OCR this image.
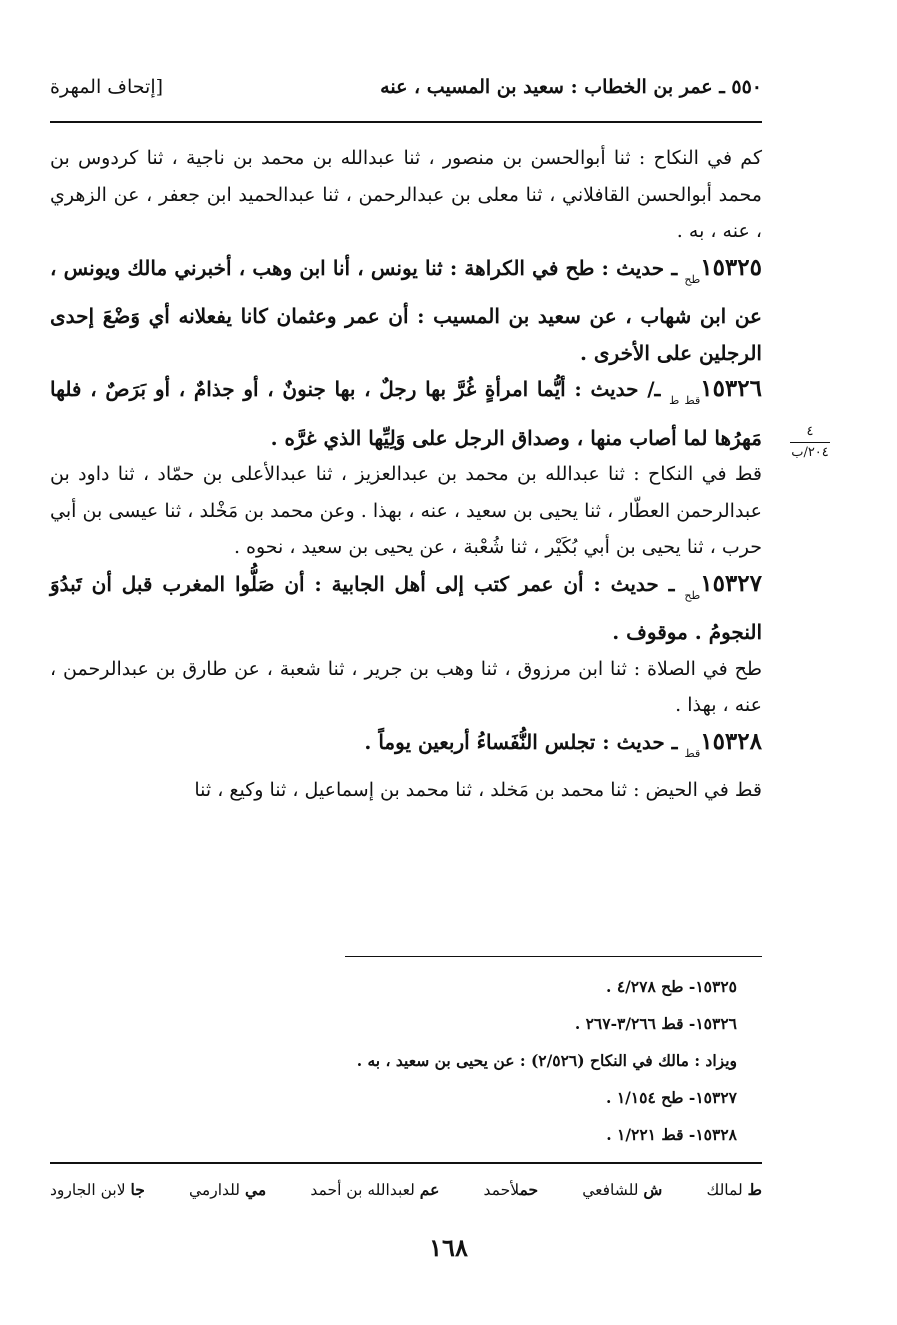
٥٥٠ ـ عمر بن الخطاب : سعيد بن المسيب ، عنه
[إتحاف المهرة
٤
٢٠٤/ب

كم في النكاح : ثنا أبوالحسن بن منصور ، ثنا عبدالله بن محمد بن ناجية ، ثنا كردوس بن محمد أبوالحسن القافلاني ، ثنا معلى بن عبدالرحمن ، ثنا عبدالحميد ابن جعفر ، عن الزهري ، عنه ، به .

$١٥٣٢٥_{طح}$ ـ حديث : طح في الكراهة : ثنا يونس ، أنا ابن وهب ، أخبرني مالك ويونس ، عن ابن شهاب ، عن سعيد بن المسيب : أن عمر وعثمان كانا يفعلانه أي وَضْعَ إحدى الرجلين على الأخرى .

$١٥٣٢٦_{قط ط}$ ـ/ حديث : أيُّما امرأةٍ غُرَّ بها رجلٌ ، بها جنونٌ ، أو جذامٌ ، أو بَرَصٌ ، فلها مَهرُها لما أصاب منها ، وصداق الرجل على وَلِيِّها الذي غرَّه .

قط في النكاح : ثنا عبدالله بن محمد بن عبدالعزيز ، ثنا عبدالأعلى بن حمّاد ، ثنا داود بن عبدالرحمن العطّار ، ثنا يحيى بن سعيد ، عنه ، بهذا . وعن محمد بن مَخْلد ، ثنا عيسى بن أبي حرب ، ثنا يحيى بن أبي بُكَيْر ، ثنا شُعْبة ، عن يحيى بن سعيد ، نحوه .

$١٥٣٢٧_{طح}$ ـ حديث : أن عمر كتب إلى أهل الجابية : أن صَلُّوا المغرب قبل أن تَبدُوَ النجومُ . موقوف .

طح في الصلاة : ثنا ابن مرزوق ، ثنا وهب بن جرير ، ثنا شعبة ، عن طارق بن عبدالرحمن ، عنه ، بهذا .

$١٥٣٢٨_{قط}$ ـ حديث : تجلس النُّفَساءُ أربعين يوماً .

قط في الحيض : ثنا محمد بن مَخلد ، ثنا محمد بن إسماعيل ، ثنا وكيع ، ثنا

١٥٣٢٥- طح ٤/٢٧٨ .
١٥٣٢٦- قط ٣/٢٦٦-٢٦٧ .
ويزاد : مالك في النكاح (٢/٥٢٦) : عن يحيى بن سعيد ، به .
١٥٣٢٧- طح ١/١٥٤ .
١٥٣٢٨- قط ١/٢٢١ .
ط لمالك
ش للشافعي
حملأحمد
عم لعبدالله بن أحمد
مي للدارمي
جا لابن الجارود
١٦٨
